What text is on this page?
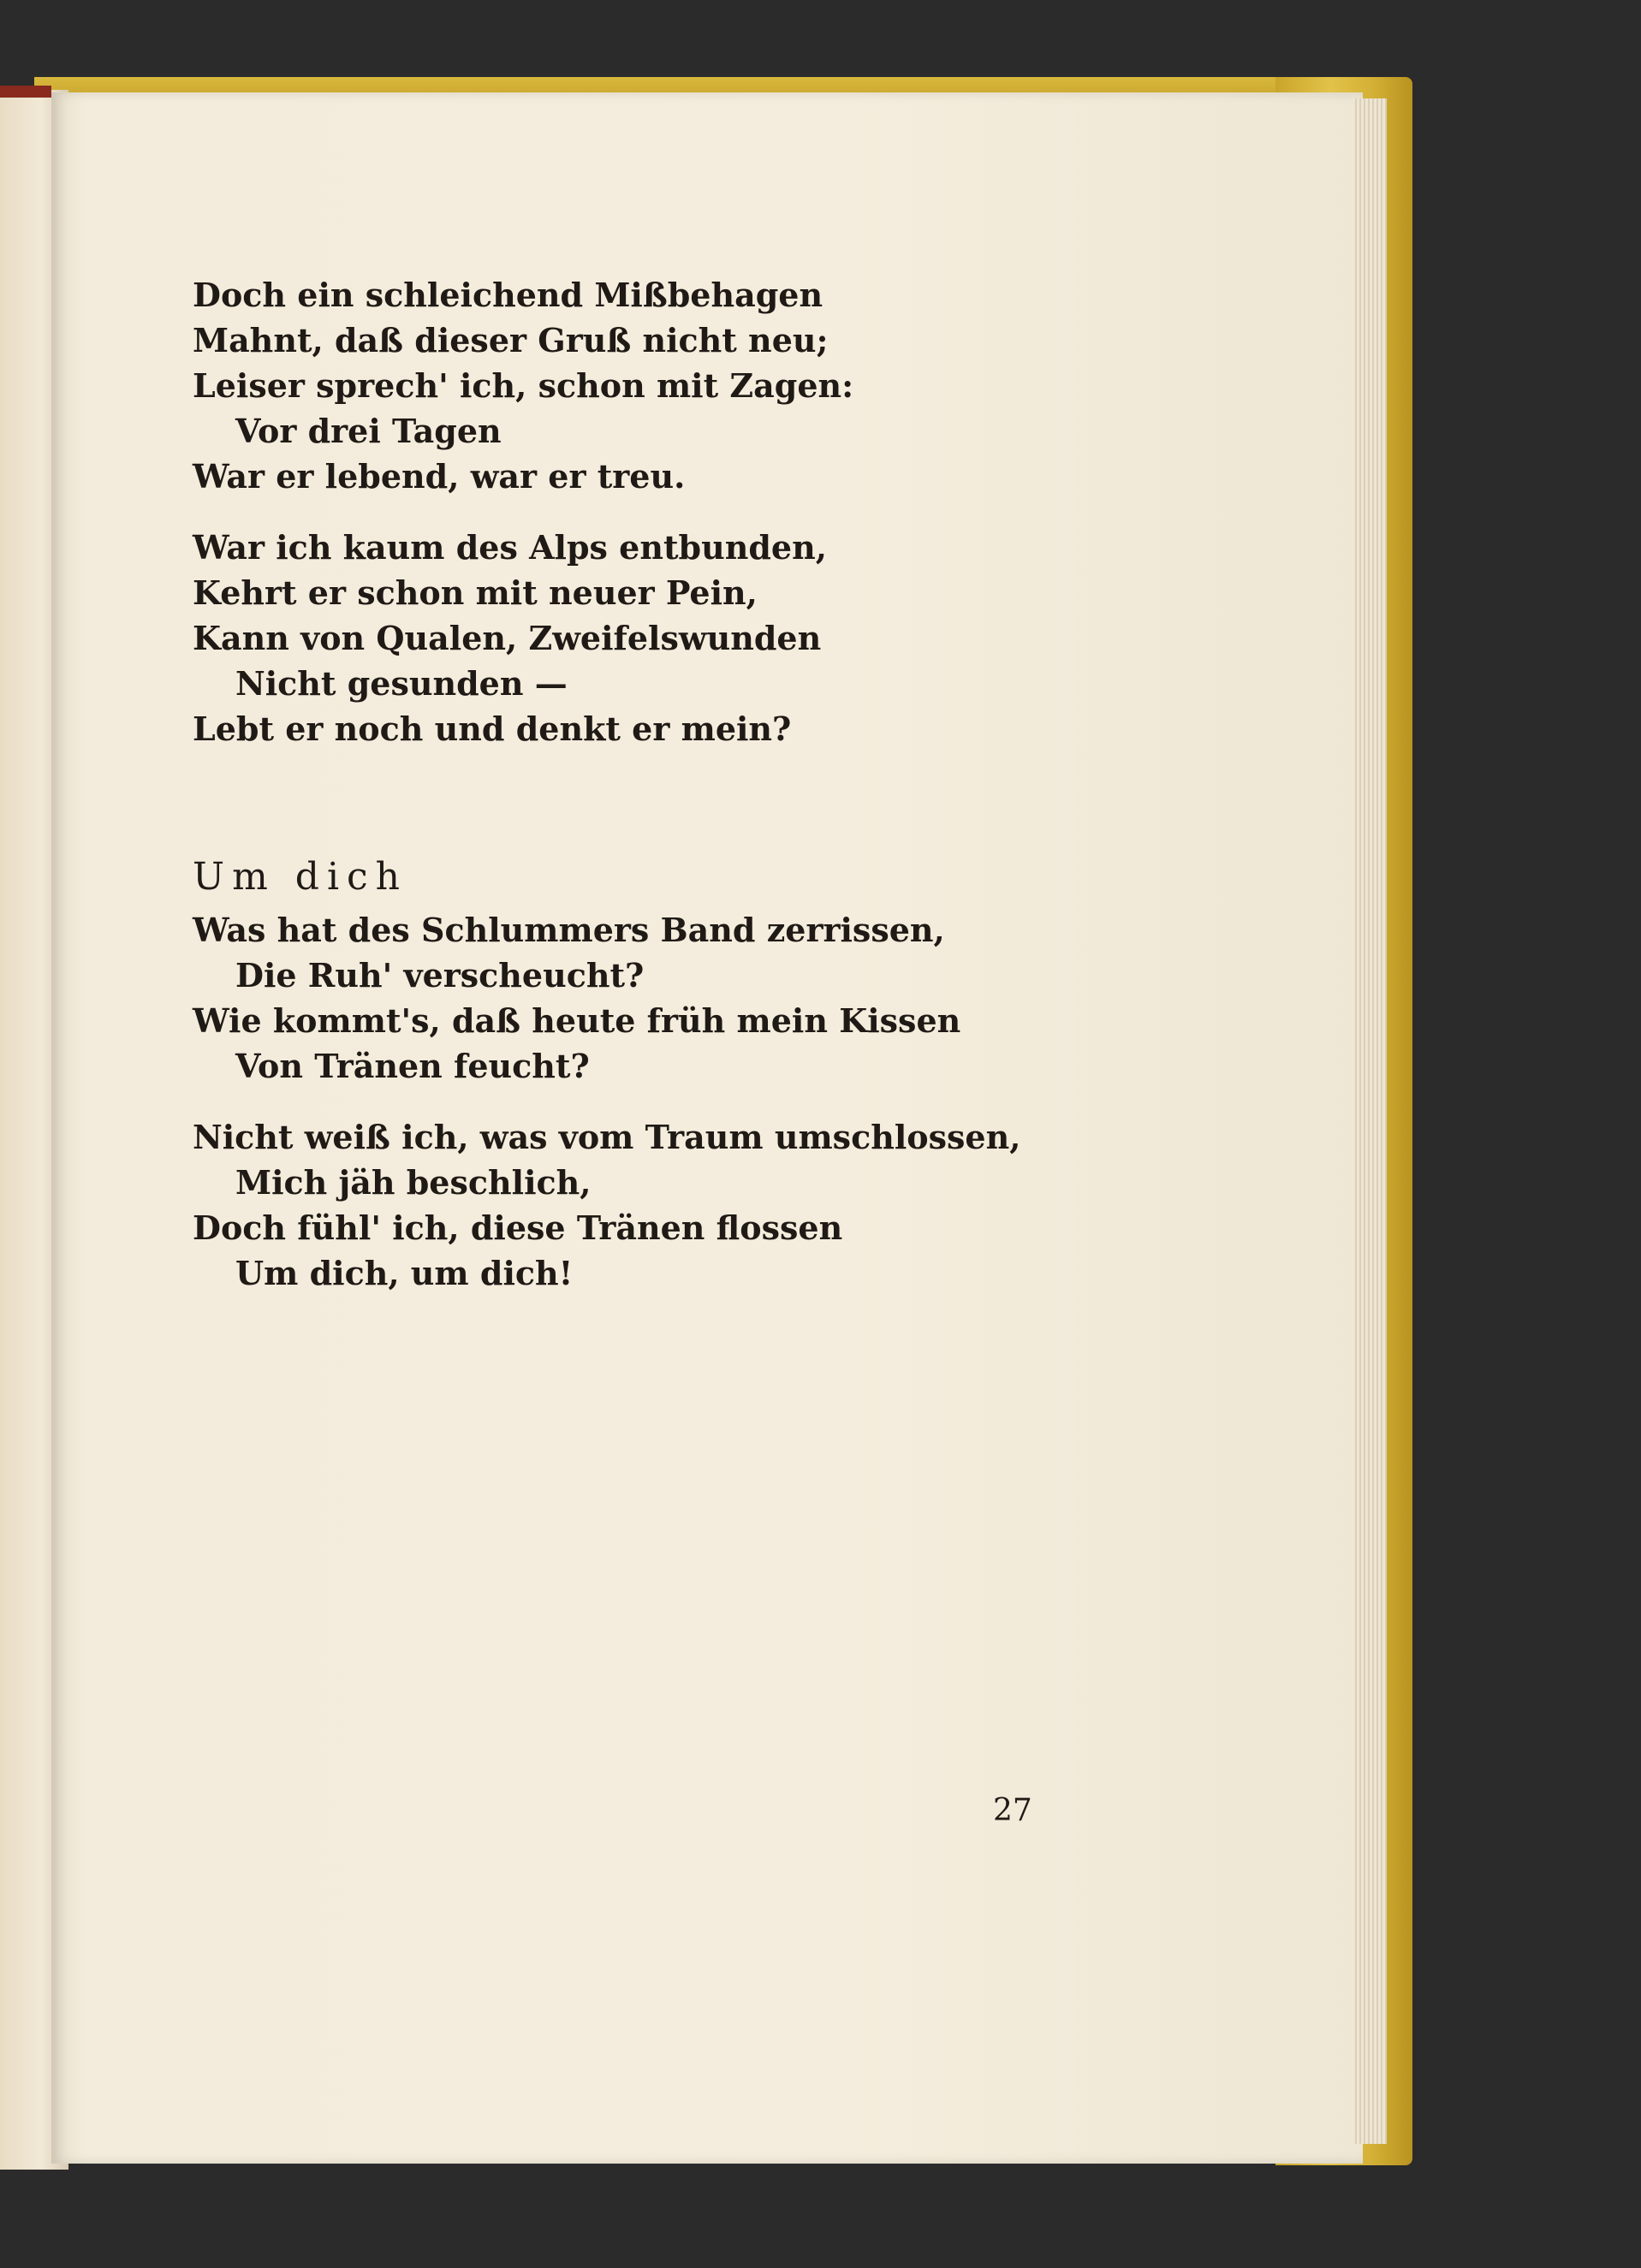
Doch ein schleichend Mißbehagen
Mahnt, daß dieser Gruß nicht neu;
Leiser sprech' ich, schon mit Zagen:
Vor drei Tagen
War er lebend, war er treu.
War ich kaum des Alps entbunden,
Kehrt er schon mit neuer Pein,
Kann von Qualen, Zweifelswunden
Nicht gesunden —
Lebt er noch und denkt er mein?
Um dich
Was hat des Schlummers Band zerrissen,
Die Ruh' verscheucht?
Wie kommt's, daß heute früh mein Kissen
Von Tränen feucht?
Nicht weiß ich, was vom Traum umschlossen,
Mich jäh beschlich,
Doch fühl' ich, diese Tränen flossen
Um dich, um dich!
27
